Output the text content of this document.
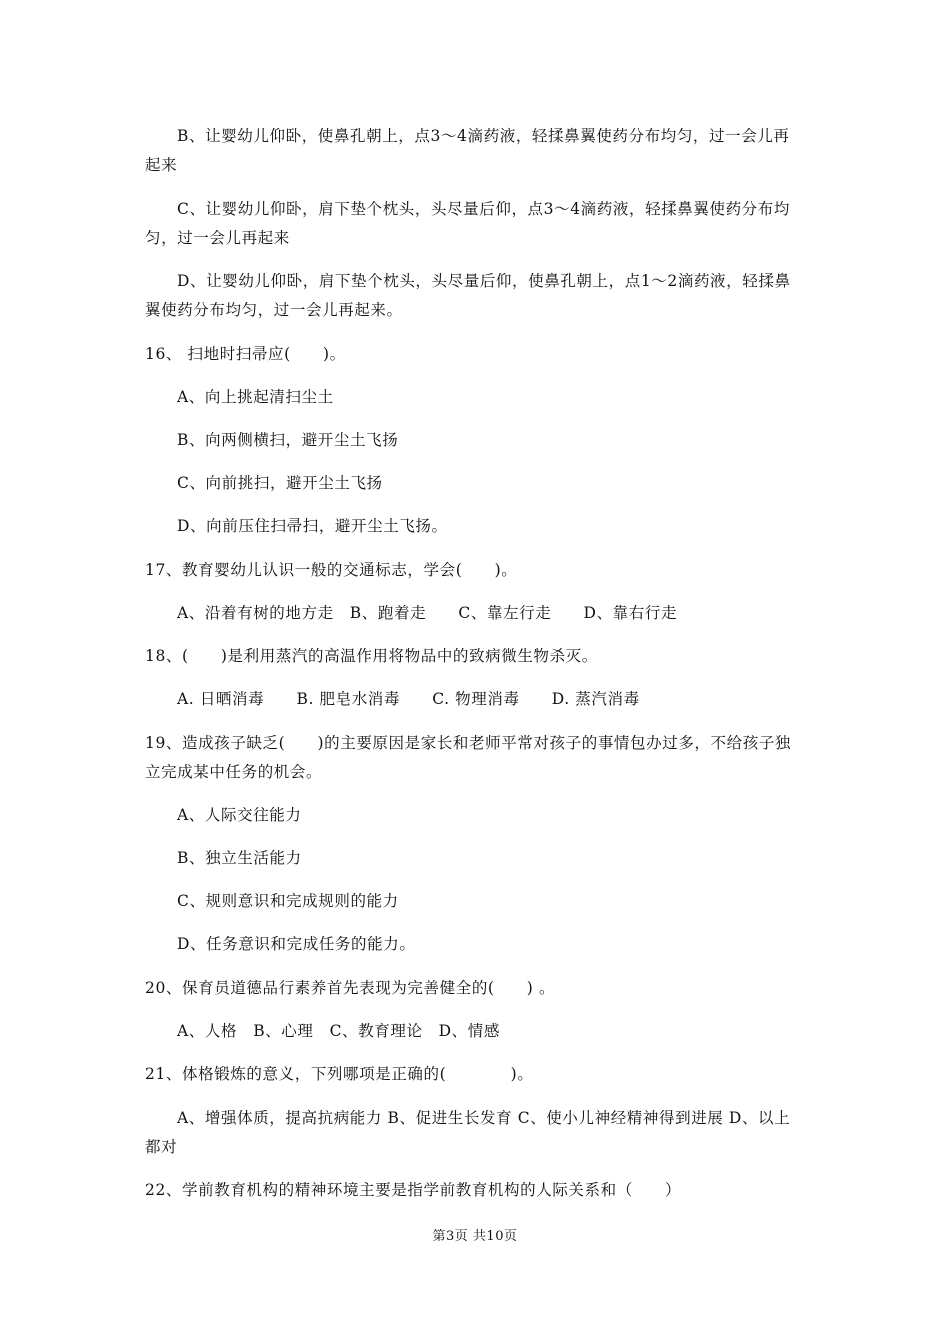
B、让婴幼儿仰卧，使鼻孔朝上，点3～4滴药液，轻揉鼻翼使药分布均匀，过一会儿再
起来
C、让婴幼儿仰卧，肩下垫个枕头，头尽量后仰，点3～4滴药液，轻揉鼻翼使药分布均
匀，过一会儿再起来
D、让婴幼儿仰卧，肩下垫个枕头，头尽量后仰，使鼻孔朝上，点1～2滴药液，轻揉鼻
翼使药分布均匀，过一会儿再起来。
16、 扫地时扫帚应(　　)。
A、向上挑起清扫尘土
B、向两侧横扫，避开尘土飞扬
C、向前挑扫，避开尘土飞扬
D、向前压住扫帚扫，避开尘土飞扬。
17、教育婴幼儿认识一般的交通标志，学会(　　)。
A、沿着有树的地方走　B、跑着走　　C、靠左行走　　D、靠右行走
18、(　　)是利用蒸汽的高温作用将物品中的致病微生物杀灭。
A. 日晒消毒　　B. 肥皂水消毒　　C. 物理消毒　　D. 蒸汽消毒
19、造成孩子缺乏(　　)的主要原因是家长和老师平常对孩子的事情包办过多，不给孩子独
立完成某中任务的机会。
A、人际交往能力
B、独立生活能力
C、规则意识和完成规则的能力
D、任务意识和完成任务的能力。
20、保育员道德品行素养首先表现为完善健全的(　　) 。
A、人格　B、心理　C、教育理论　D、情感
21、体格锻炼的意义，下列哪项是正确的(　　　　)。
A、增强体质，提高抗病能力 B、促进生长发育 C、使小儿神经精神得到进展 D、以上
都对
22、学前教育机构的精神环境主要是指学前教育机构的人际关系和（　　）
第3页 共10页
